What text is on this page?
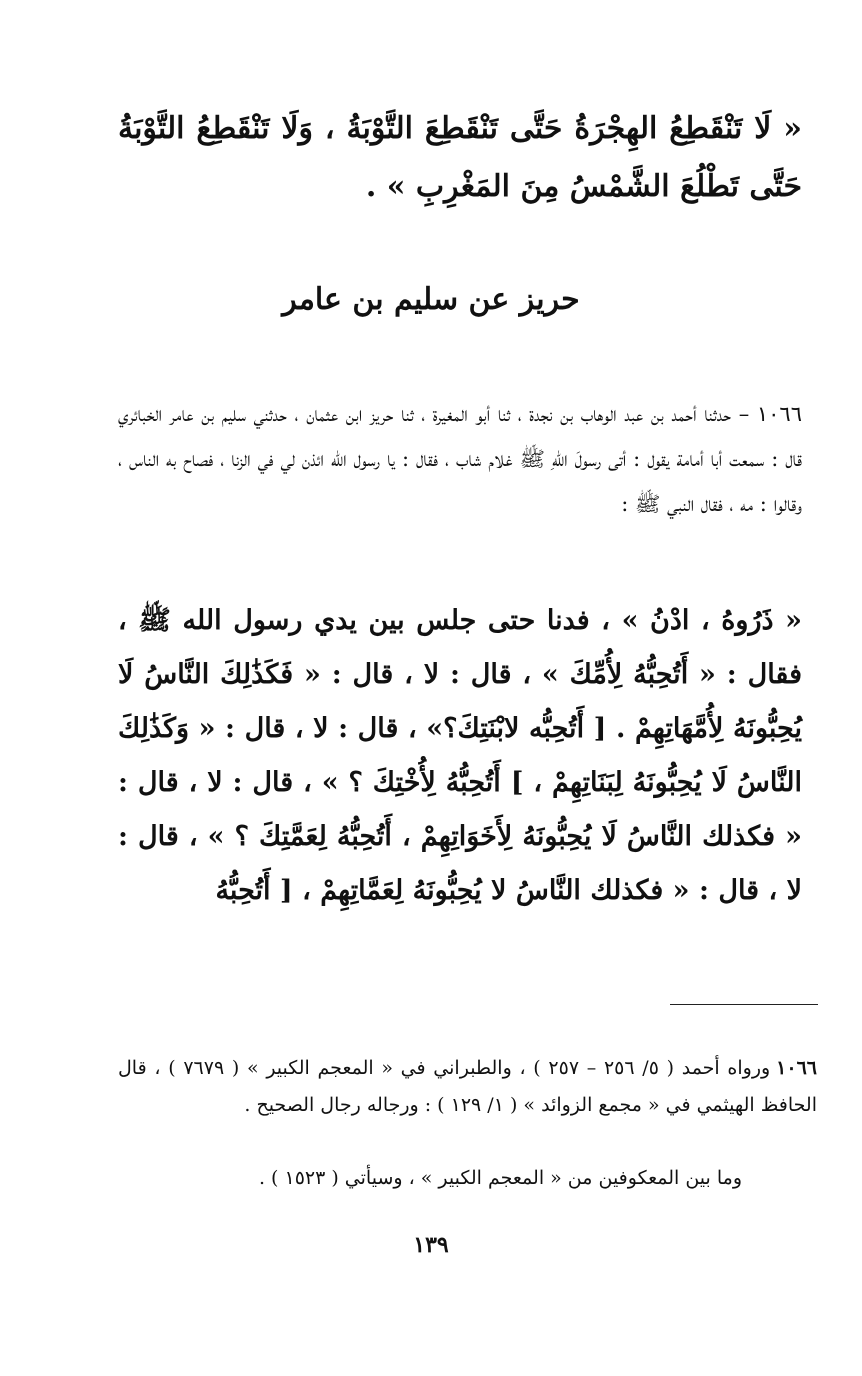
« لَا تَنْقَطِعُ الهِجْرَةُ حَتَّى تَنْقَطِعَ التَّوْبَةُ ، وَلَا تَنْقَطِعُ التَّوْبَةُ حَتَّى تَطْلُعَ الشَّمْسُ مِنَ المَغْرِبِ » .

حريز عن سليم بن عامر

١٠٦٦ – حدثنا أحمد بن عبد الوهاب بن نجدة ، ثنا أبو المغيرة ، ثنا حريز ابن عثمان ، حدثني سليم بن عامر الخبائري قال : سمعت أبا أمامة يقول : أتى رسولَ اللهِ ﷺ غلام شاب ، فقال : يا رسول الله ائذن لي في الزنا ، فصاح به الناس ، وقالوا : مه ، فقال النبي ﷺ :

« ذَرُوهُ ، ادْنُ » ، فدنا حتى جلس بين يدي رسول الله ﷺ ، فقال : « أَتُحِبُّهُ لِأُمِّكَ » ، قال : لا ، قال : « فَكَذَٰلِكَ النَّاسُ لَا يُحِبُّونَهُ لِأُمَّهَاتِهِمْ . [ أَتُحِبُّه لابْنَتِكَ؟» ، قال : لا ، قال : « وَكَذَٰلِكَ النَّاسُ لَا يُحِبُّونَهُ لِبَنَاتِهِمْ ، ] أَتُحِبُّهُ لِأُخْتِكَ ؟ » ، قال : لا ، قال : « فكذلك النَّاسُ لَا يُحِبُّونَهُ لِأَخَوَاتِهِمْ ، أَتُحِبُّهُ لِعَمَّتِكَ ؟ » ، قال : لا ، قال : « فكذلك النَّاسُ لا يُحِبُّونَهُ لِعَمَّاتِهِمْ ، [ أَتُحِبُّهُ

١٠٦٦ورواه أحمد ( ٥/ ٢٥٦ – ٢٥٧ ) ، والطبراني في « المعجم الكبير » ( ٧٦٧٩ ) ، قال الحافظ الهيثمي في « مجمع الزوائد » ( ١/ ١٢٩ ) : ورجاله رجال الصحيح .

وما بين المعكوفين من « المعجم الكبير » ، وسيأتي ( ١٥٢٣ ) .

١٣٩
